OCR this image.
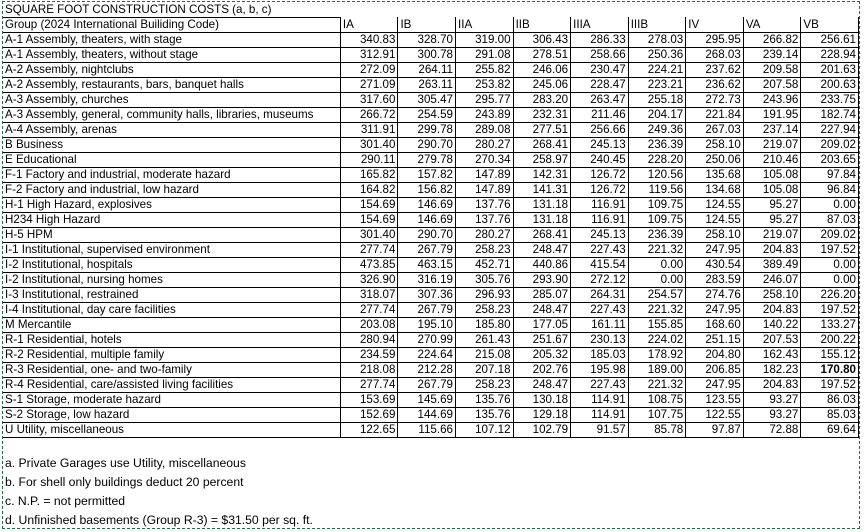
SQUARE FOOT CONSTRUCTION COSTS (a, b, c)									
Group (2024 International Builiding Code)	IA	IB	IIA	IIB	IIIA	IIIB	IV	VA	VB
A-1 Assembly, theaters, with stage	340.83	328.70	319.00	306.43	286.33	278.03	295.95	266.82	256.61
A-1 Assembly, theaters, without stage	312.91	300.78	291.08	278.51	258.66	250.36	268.03	239.14	228.94
A-2 Assembly, nightclubs	272.09	264.11	255.82	246.06	230.47	224.21	237.62	209.58	201.63
A-2 Assembly, restaurants, bars, banquet halls	271.09	263.11	253.82	245.06	228.47	223.21	236.62	207.58	200.63
A-3 Assembly, churches	317.60	305.47	295.77	283.20	263.47	255.18	272.73	243.96	233.75
A-3 Assembly, general, community halls, libraries, museums	266.72	254.59	243.89	232.31	211.46	204.17	221.84	191.95	182.74
A-4 Assembly, arenas	311.91	299.78	289.08	277.51	256.66	249.36	267.03	237.14	227.94
B Business	301.40	290.70	280.27	268.41	245.13	236.39	258.10	219.07	209.02
E Educational	290.11	279.78	270.34	258.97	240.45	228.20	250.06	210.46	203.65
F-1 Factory and industrial, moderate hazard	165.82	157.82	147.89	142.31	126.72	120.56	135.68	105.08	97.84
F-2 Factory and industrial, low hazard	164.82	156.82	147.89	141.31	126.72	119.56	134.68	105.08	96.84
H-1 High Hazard, explosives	154.69	146.69	137.76	131.18	116.91	109.75	124.55	95.27	0.00
H234 High Hazard	154.69	146.69	137.76	131.18	116.91	109.75	124.55	95.27	87.03
H-5 HPM	301.40	290.70	280.27	268.41	245.13	236.39	258.10	219.07	209.02
I-1 Institutional, supervised environment	277.74	267.79	258.23	248.47	227.43	221.32	247.95	204.83	197.52
I-2 Institutional, hospitals	473.85	463.15	452.71	440.86	415.54	0.00	430.54	389.49	0.00
I-2 Institutional, nursing homes	326.90	316.19	305.76	293.90	272.12	0.00	283.59	246.07	0.00
I-3 Institutional, restrained	318.07	307.36	296.93	285.07	264.31	254.57	274.76	258.10	226.20
I-4 Institutional, day care facilities	277.74	267.79	258.23	248.47	227.43	221.32	247.95	204.83	197.52
M Mercantile	203.08	195.10	185.80	177.05	161.11	155.85	168.60	140.22	133.27
R-1 Residential, hotels	280.94	270.99	261.43	251.67	230.13	224.02	251.15	207.53	200.22
R-2 Residential, multiple family	234.59	224.64	215.08	205.32	185.03	178.92	204.80	162.43	155.12
R-3 Residential, one- and two-family	218.08	212.28	207.18	202.76	195.98	189.00	206.85	182.23	170.80
R-4 Residential, care/assisted living facilities	277.74	267.79	258.23	248.47	227.43	221.32	247.95	204.83	197.52
S-1 Storage, moderate hazard	153.69	145.69	135.76	130.18	114.91	108.75	123.55	93.27	86.03
S-2 Storage, low hazard	152.69	144.69	135.76	129.18	114.91	107.75	122.55	93.27	85.03
U Utility, miscellaneous	122.65	115.66	107.12	102.79	91.57	85.78	97.87	72.88	69.64
a. Private Garages use Utility, miscellaneous
b. For shell only buildings deduct 20 percent
c. N.P. = not permitted
d. Unfinished basements (Group R-3) = $31.50 per sq. ft.
